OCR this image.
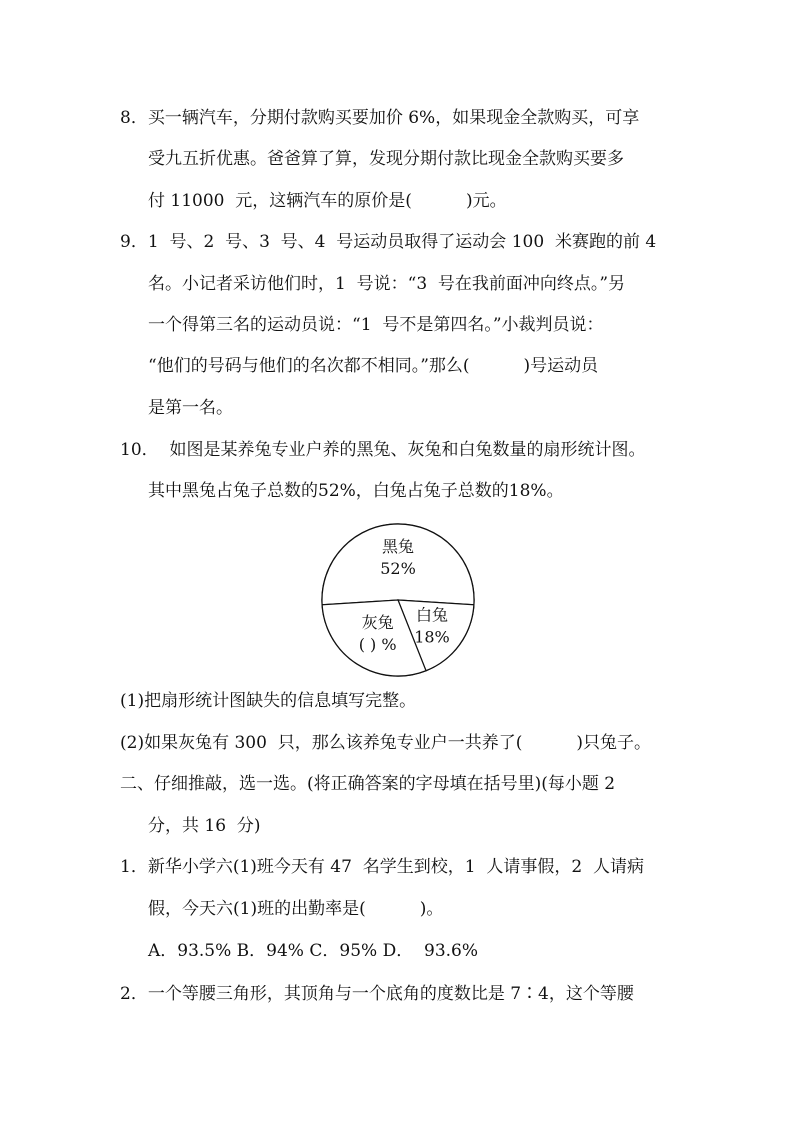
8．买一辆汽车，分期付款购买要加价 6%，如果现金全款购买，可享
受九五折优惠。爸爸算了算，发现分期付款比现金全款购买要多
付 11000  元，这辆汽车的原价是(          )元。
9．1  号、2  号、3  号、4  号运动员取得了运动会 100  米赛跑的前 4
名。小记者采访他们时，1  号说：“3  号在我前面冲向终点。”另
一个得第三名的运动员说：“1  号不是第四名。”小裁判员说：
“他们的号码与他们的名次都不相同。”那么(          )号运动员
是第一名。
10．  如图是某养兔专业户养的黑兔、灰兔和白兔数量的扇形统计图。
其中黑兔占兔子总数的52%，白兔占兔子总数的18%。
黑兔
52%
白兔
18%
灰兔
( ) %
(1)把扇形统计图缺失的信息填写完整。
(2)如果灰兔有 300  只，那么该养兔专业户一共养了(          )只兔子。
二、仔细推敲，选一选。(将正确答案的字母填在括号里)(每小题 2
分，共 16  分)
1．新华小学六(1)班今天有 47  名学生到校，1  人请事假，2  人请病
假，今天六(1)班的出勤率是(          )。
A．93.5% B．94% C．95% D．  93.6%
2．一个等腰三角形，其顶角与一个底角的度数比是 7∶4，这个等腰
